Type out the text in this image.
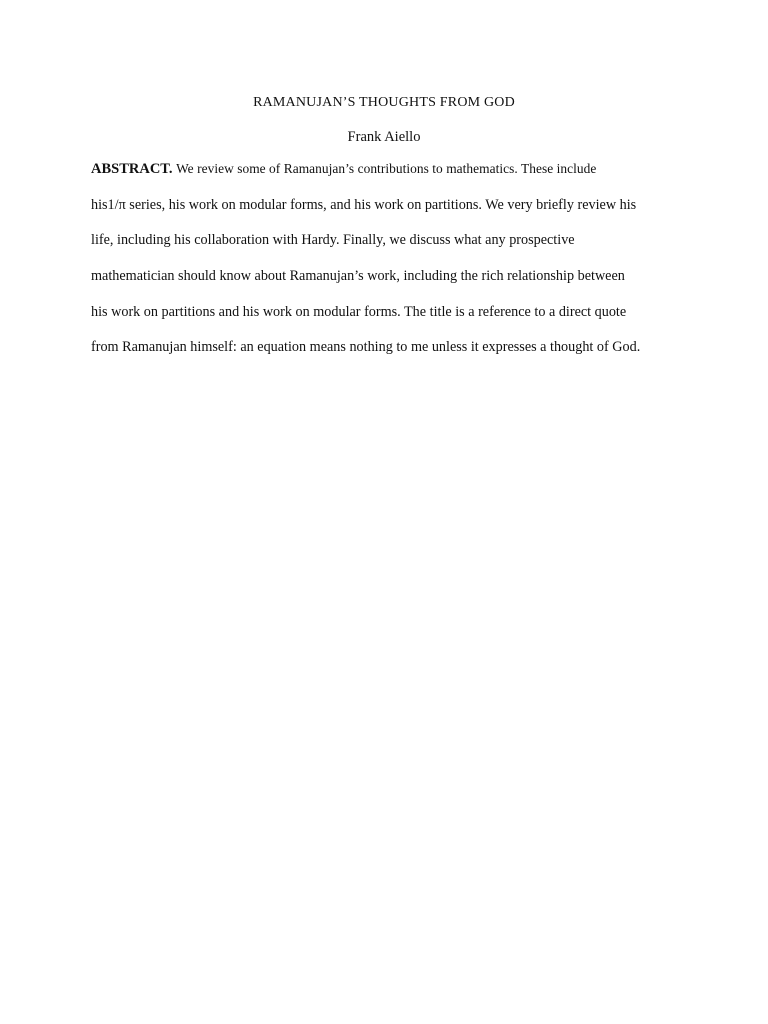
RAMANUJAN’S THOUGHTS FROM GOD
Frank Aiello
ABSTRACT. We review some of Ramanujan’s contributions to mathematics. These include
his1/π series, his work on modular forms, and his work on partitions. We very briefly review his
life, including his collaboration with Hardy. Finally, we discuss what any prospective
mathematician should know about Ramanujan’s work, including the rich relationship between
his work on partitions and his work on modular forms. The title is a reference to a direct quote
from Ramanujan himself: an equation means nothing to me unless it expresses a thought of God.
